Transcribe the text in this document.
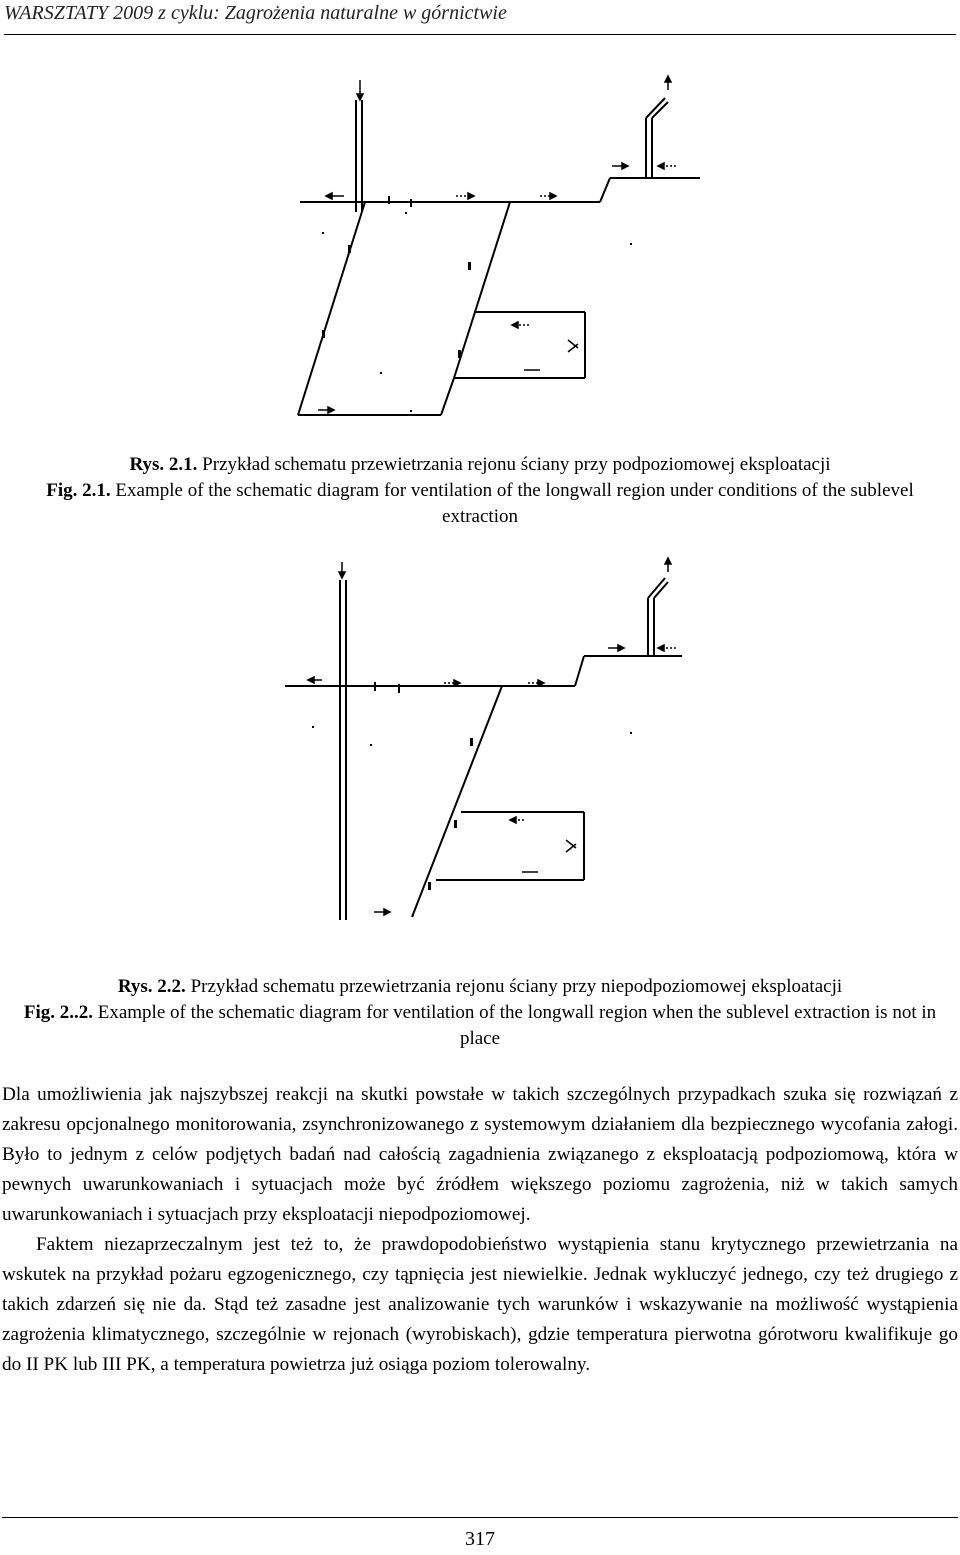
WARSZTATY 2009 z cyklu: Zagrożenia naturalne w górnictwie
Rys. 2.1. Przykład schematu przewietrzania rejonu ściany przy podpoziomowej eksploatacji
Fig. 2.1. Example of the schematic diagram for ventilation of the longwall region under conditions of the sublevel extraction
Rys. 2.2. Przykład schematu przewietrzania rejonu ściany przy niepodpoziomowej eksploatacji
Fig. 2..2. Example of the schematic diagram for ventilation of the longwall region when the sublevel extraction is not in place

Dla umożliwienia jak najszybszej reakcji na skutki powstałe w takich szczególnych przypadkach szuka się rozwiązań z zakresu opcjonalnego monitorowania, zsynchronizowanego z systemowym działaniem dla bezpiecznego wycofania załogi. Było to jednym z celów podjętych badań nad całością zagadnienia związanego z eksploatacją podpoziomową, która w pewnych uwarunkowaniach i sytuacjach może być źródłem większego poziomu zagrożenia, niż w takich samych uwarunkowaniach i sytuacjach przy eksploatacji niepodpoziomowej.

Faktem niezaprzeczalnym jest też to, że prawdopodobieństwo wystąpienia stanu krytycznego przewietrzania na wskutek na przykład pożaru egzogenicznego, czy tąpnięcia jest niewielkie. Jednak wykluczyć jednego, czy też drugiego z takich zdarzeń się nie da. Stąd też zasadne jest analizowanie tych warunków i wskazywanie na możliwość wystąpienia zagrożenia klimatycznego, szczególnie w rejonach (wyrobiskach), gdzie temperatura pierwotna górotworu kwalifikuje go do II PK lub III PK, a temperatura powietrza już osiąga poziom tolerowalny.

317
